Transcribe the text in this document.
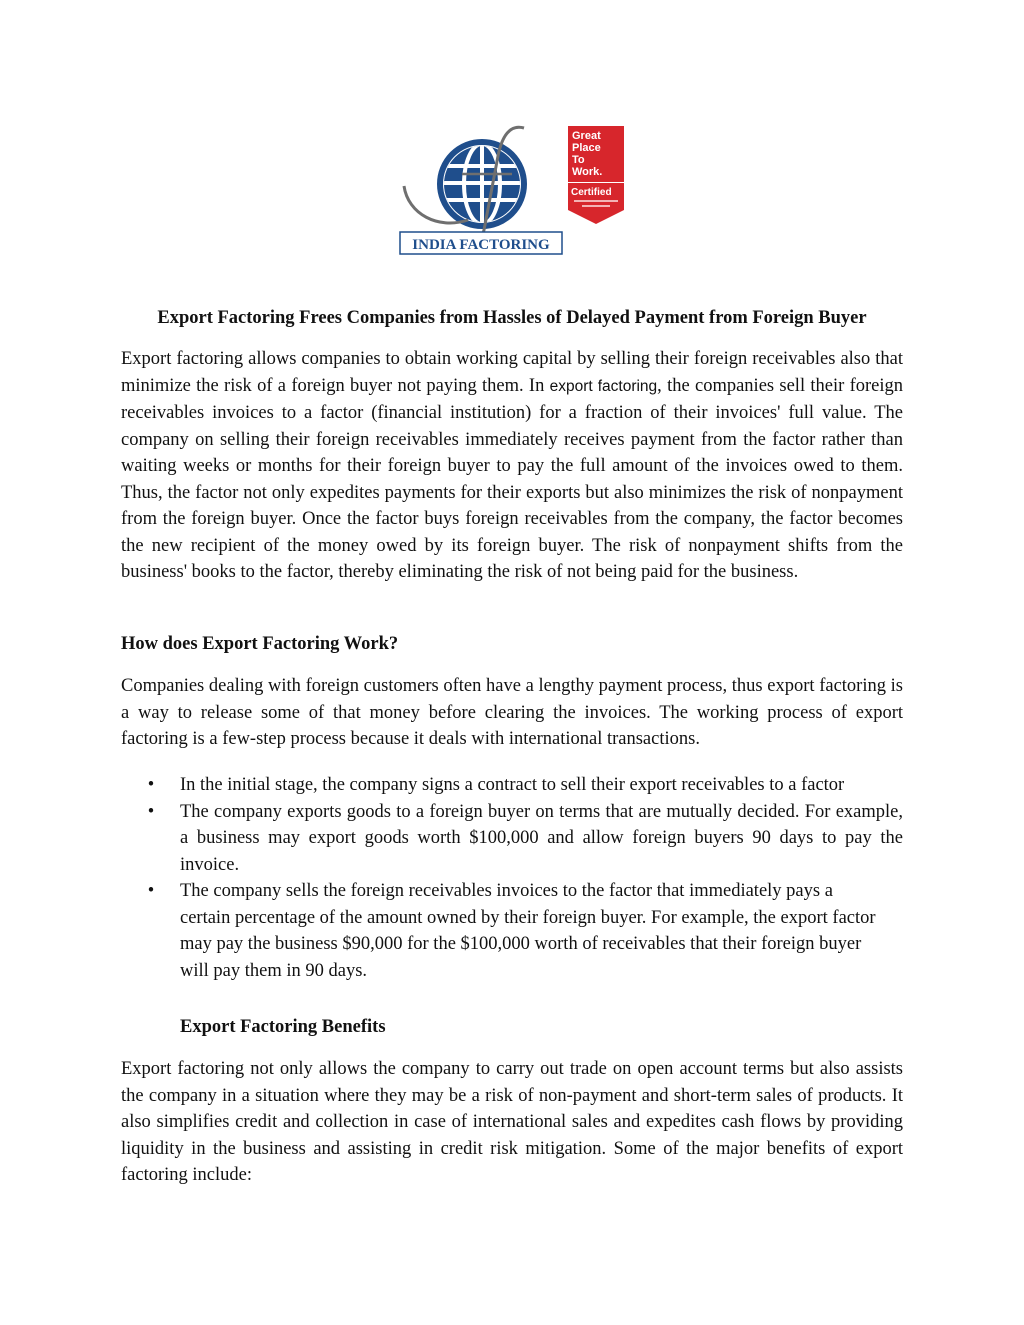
INDIA FACTORING
Great
Place
To
Work.
Certified
Export Factoring Frees Companies from Hassles of Delayed Payment from Foreign Buyer

Export factoring allows companies to obtain working capital by selling their foreign receivables also that minimize the risk of a foreign buyer not paying them. In export factoring, the companies sell their foreign receivables invoices to a factor (financial institution) for a fraction of their invoices' full value. The company on selling their foreign receivables immediately receives payment from the factor rather than waiting weeks or months for their foreign buyer to pay the full amount of the invoices owed to them. Thus, the factor not only expedites payments for their exports but also minimizes the risk of nonpayment from the foreign buyer. Once the factor buys foreign receivables from the company, the factor becomes the new recipient of the money owed by its foreign buyer. The risk of nonpayment shifts from the business' books to the factor, thereby eliminating the risk of not being paid for the business.

How does Export Factoring Work?

Companies dealing with foreign customers often have a lengthy payment process, thus export factoring is a way to release some of that money before clearing the invoices. The working process of export factoring is a few-step process because it deals with international transactions.

• In the initial stage, the company signs a contract to sell their export receivables to a factor
• The company exports goods to a foreign buyer on terms that are mutually decided. For example, a business may export goods worth $100,000 and allow foreign buyers 90 days to pay the invoice.
• The company sells the foreign receivables invoices to the factor that immediately pays a certain percentage of the amount owned by their foreign buyer. For example, the export factor may pay the business $90,000 for the $100,000 worth of receivables that their foreign buyer will pay them in 90 days.
Export Factoring Benefits

Export factoring not only allows the company to carry out trade on open account terms but also assists the company in a situation where they may be a risk of non-payment and short-term sales of products. It also simplifies credit and collection in case of international sales and expedites cash flows by providing liquidity in the business and assisting in credit risk mitigation. Some of the major benefits of export factoring include:
